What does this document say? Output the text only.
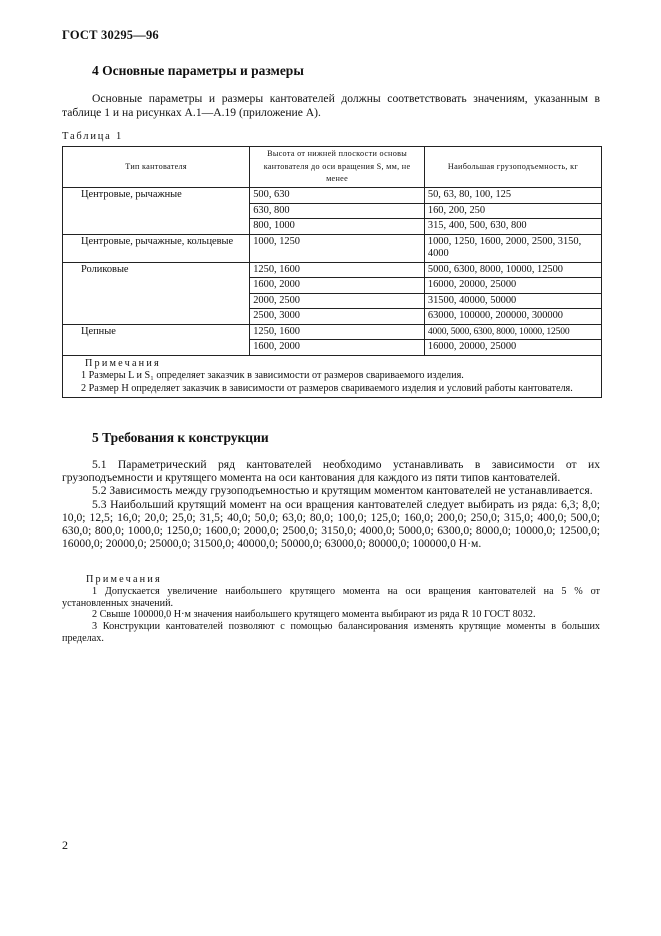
ГОСТ 30295—96
4 Основные параметры и размеры
Основные параметры и размеры кантователей должны соответствовать значениям, указанным в таблице 1 и на рисунках А.1—А.19 (приложение А).
Таблица 1
Тип кантователя	Высота от нижней плоскости основы кантователя до оси вращения S, мм, не менее	Наибольшая грузоподъемность, кг
Центровые, рычажные	500, 630	50, 63, 80, 100, 125
	630, 800	160, 200, 250
	800, 1000	315, 400, 500, 630, 800
Центровые, рычажные, кольцевые	1000, 1250	1000, 1250, 1600, 2000, 2500, 3150, 4000
Роликовые	1250, 1600	5000, 6300, 8000, 10000, 12500
	1600, 2000	16000, 20000, 25000
	2000, 2500	31500, 40000, 50000
	2500, 3000	63000, 100000, 200000, 300000
Цепные	1250, 1600	4000, 5000, 6300, 8000, 10000, 12500
	1600, 2000	16000, 20000, 25000

Примечания
1 Размеры L и S₁ определяет заказчик в зависимости от размеров свариваемого изделия.
2 Размер H определяет заказчик в зависимости от размеров свариваемого изделия и условий работы кантователя.		
5 Требования к конструкции

5.1 Параметрический ряд кантователей необходимо устанавливать в зависимости от их грузоподъемности и крутящего момента на оси кантования для каждого из пяти типов кантователей.

5.2 Зависимость между грузоподъемностью и крутящим моментом кантователей не устанавливается.

5.3 Наибольший крутящий момент на оси вращения кантователей следует выбирать из ряда: 6,3; 8,0; 10,0; 12,5; 16,0; 20,0; 25,0; 31,5; 40,0; 50,0; 63,0; 80,0; 100,0; 125,0; 160,0; 200,0; 250,0; 315,0; 400,0; 500,0; 630,0; 800,0; 1000,0; 1250,0; 1600,0; 2000,0; 2500,0; 3150,0; 4000,0; 5000,0; 6300,0; 8000,0; 10000,0; 12500,0; 16000,0; 20000,0; 25000,0; 31500,0; 40000,0; 50000,0; 63000,0; 80000,0; 100000,0 Н·м.

Примечания

1 Допускается увеличение наибольшего крутящего момента на оси вращения кантователей на 5 % от установленных значений.

2 Свыше 100000,0 Н·м значения наибольшего крутящего момента выбирают из ряда R 10 ГОСТ 8032.

3 Конструкции кантователей позволяют с помощью балансирования изменять крутящие моменты в больших пределах.

2
